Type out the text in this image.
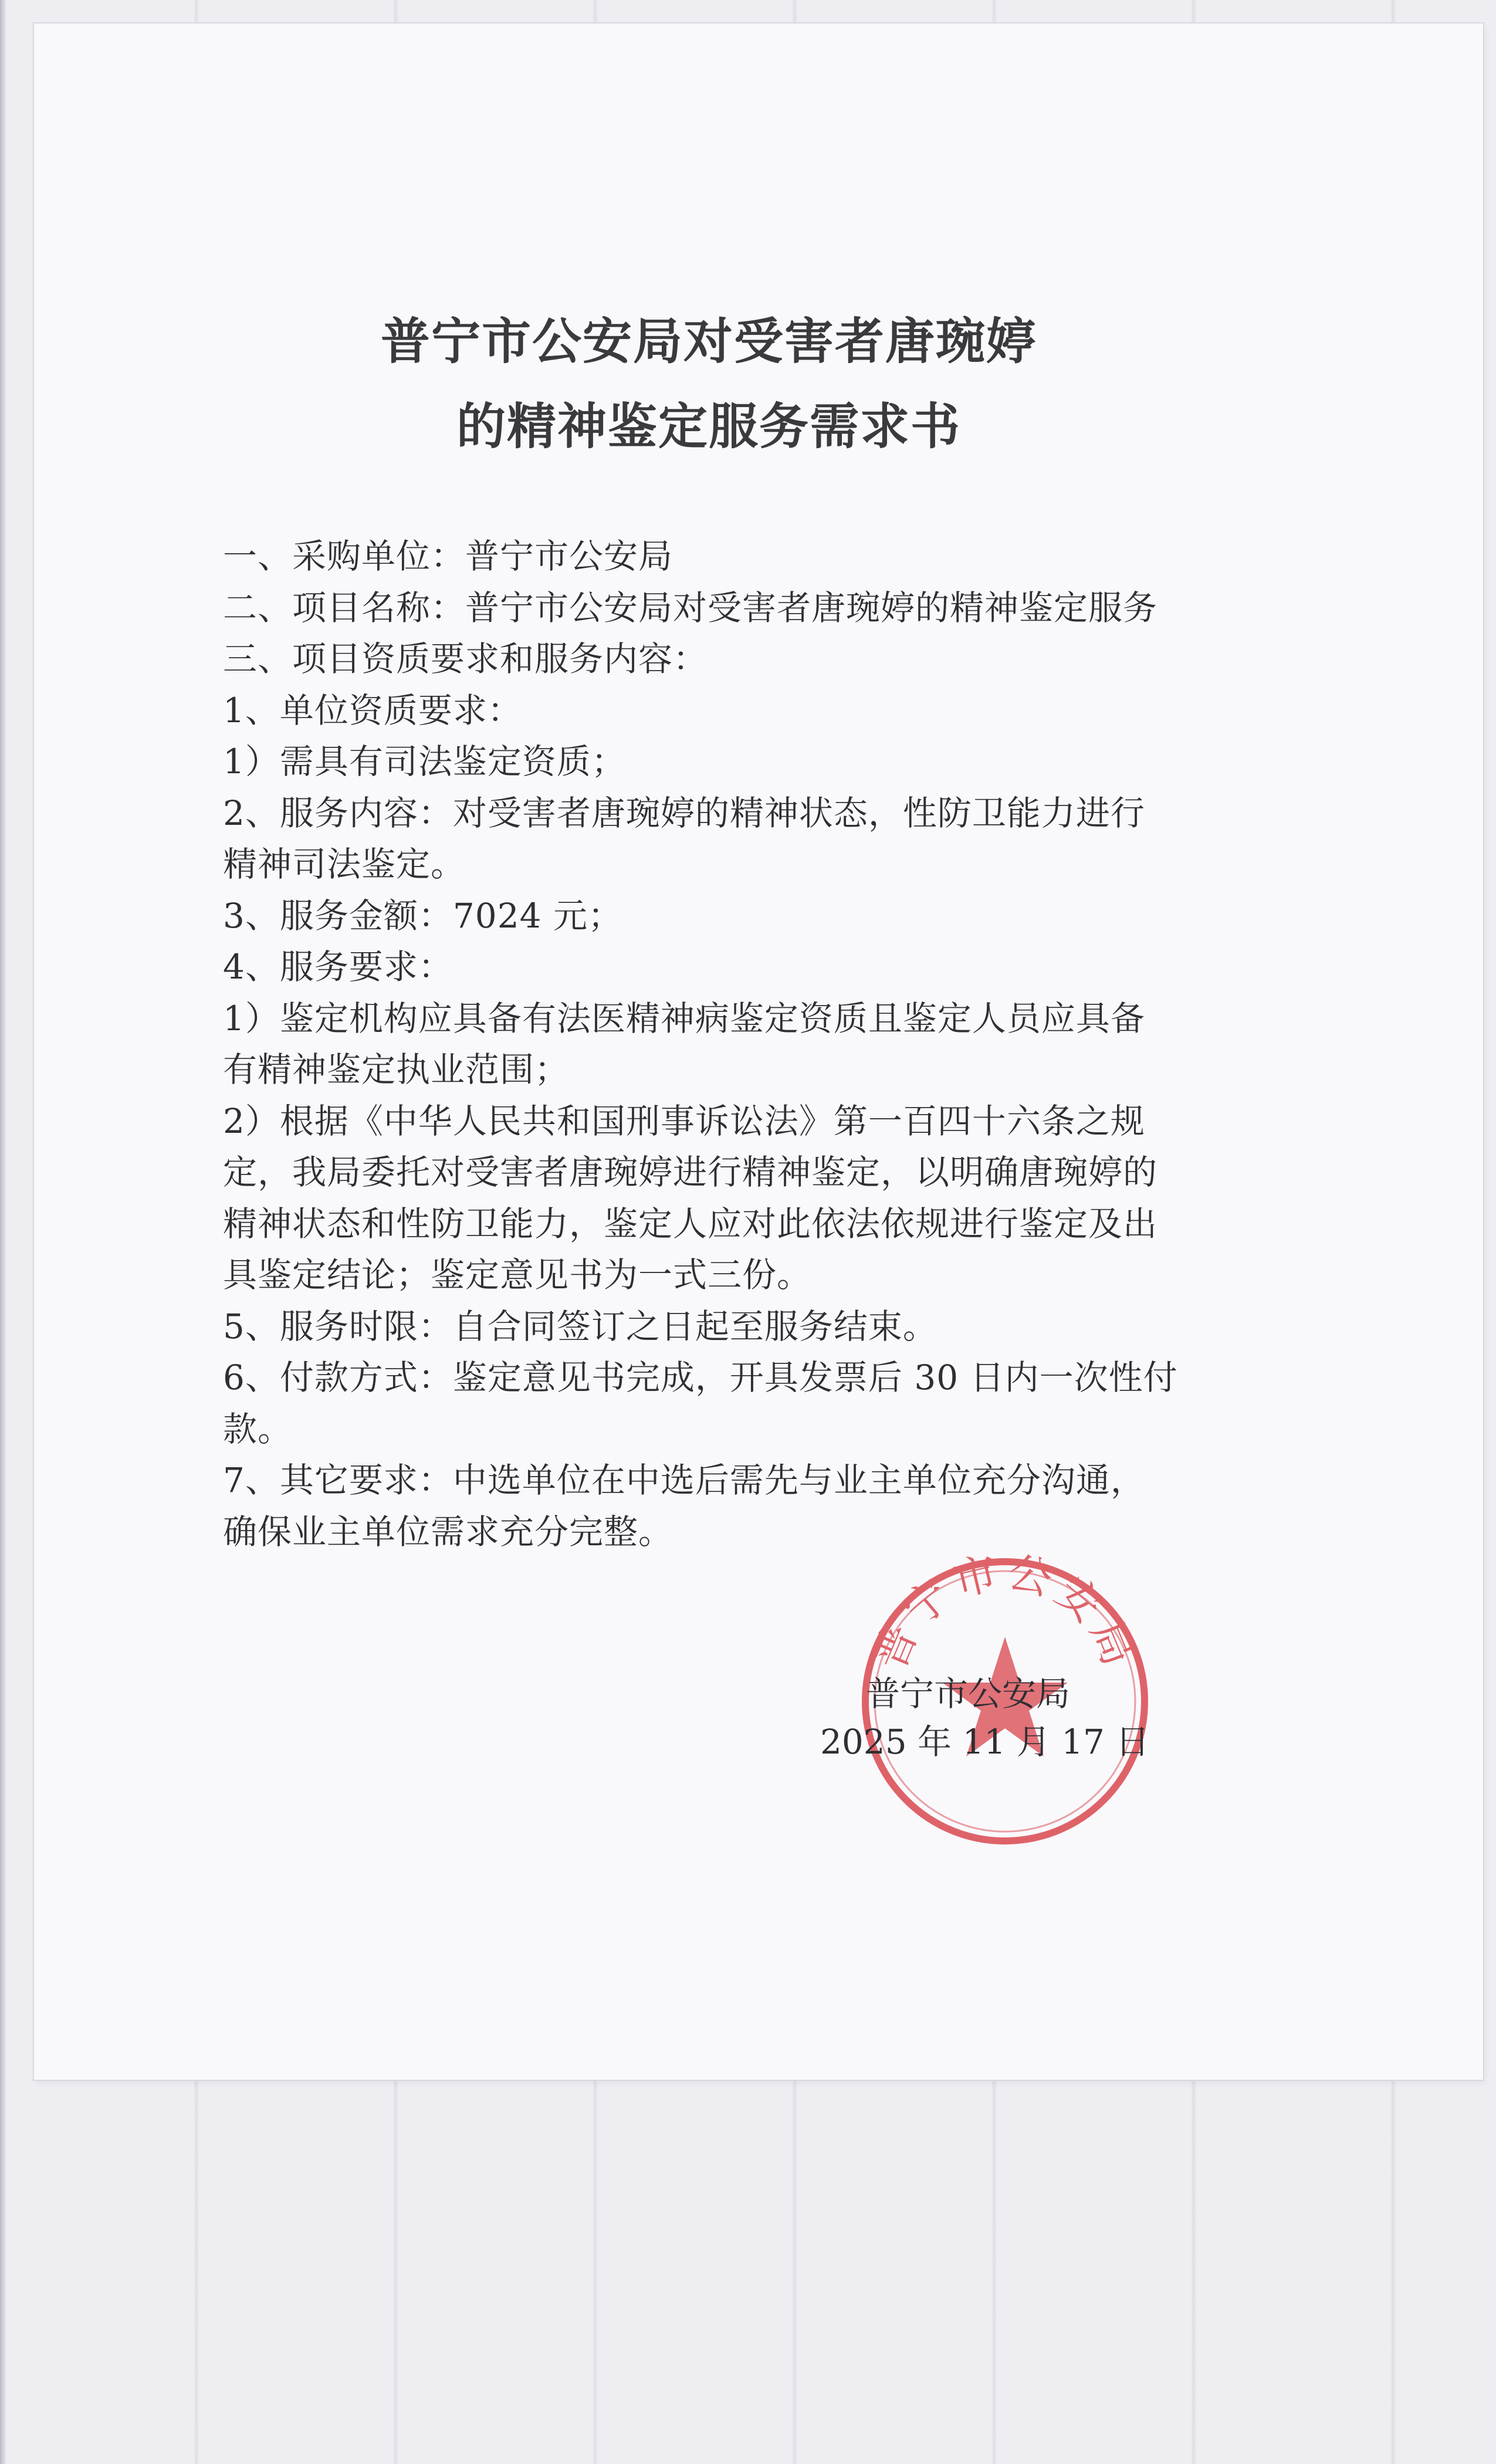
普宁市公安局对受害者唐琬婷
的精神鉴定服务需求书
一、采购单位：普宁市公安局
二、项目名称：普宁市公安局对受害者唐琬婷的精神鉴定服务
三、项目资质要求和服务内容：
1、单位资质要求：
1）需具有司法鉴定资质；
2、服务内容：对受害者唐琬婷的精神状态，性防卫能力进行
精神司法鉴定。
3、服务金额：7024 元；
4、服务要求：
1）鉴定机构应具备有法医精神病鉴定资质且鉴定人员应具备
有精神鉴定执业范围；
2）根据《中华人民共和国刑事诉讼法》第一百四十六条之规
定，我局委托对受害者唐琬婷进行精神鉴定，以明确唐琬婷的
精神状态和性防卫能力，鉴定人应对此依法依规进行鉴定及出
具鉴定结论；鉴定意见书为一式三份。
5、服务时限：自合同签订之日起至服务结束。
6、付款方式：鉴定意见书完成，开具发票后 30 日内一次性付
款。
7、其它要求：中选单位在中选后需先与业主单位充分沟通，
确保业主单位需求充分完整。
普宁市公安局
普宁市公安局
2025 年 11 月 17 日
